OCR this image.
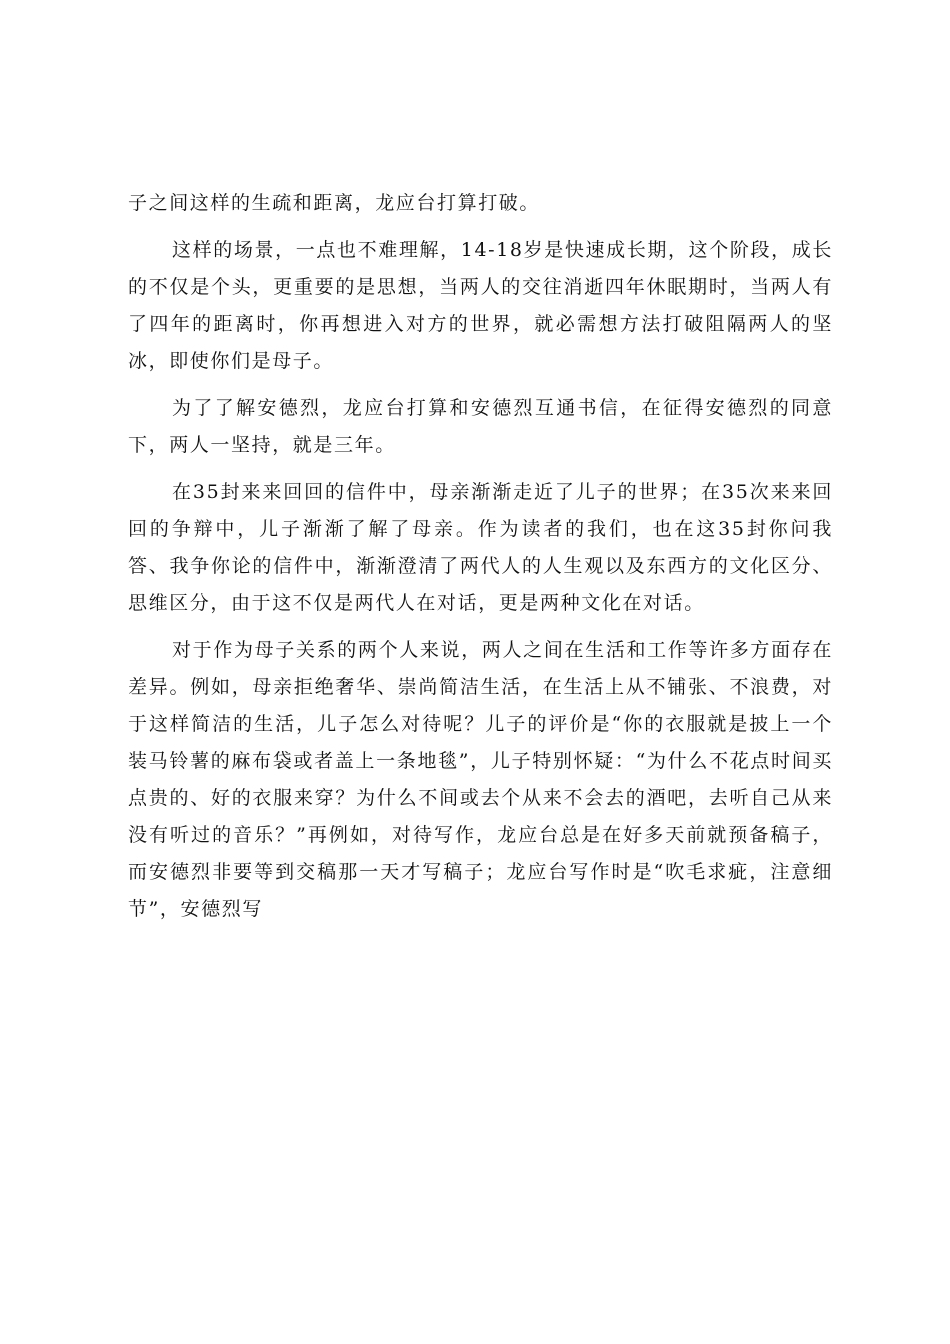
子之间这样的生疏和距离，龙应台打算打破。

这样的场景，一点也不难理解，14-18岁是快速成长期，这个阶段，成长的不仅是个头，更重要的是思想，当两人的交往消逝四年休眠期时，当两人有了四年的距离时，你再想进入对方的世界，就必需想方法打破阻隔两人的坚冰，即使你们是母子。

为了了解安德烈，龙应台打算和安德烈互通书信，在征得安德烈的同意下，两人一坚持，就是三年。

在35封来来回回的信件中，母亲渐渐走近了儿子的世界；在35次来来回回的争辩中，儿子渐渐了解了母亲。作为读者的我们，也在这35封你问我答、我争你论的信件中，渐渐澄清了两代人的人生观以及东西方的文化区分、思维区分，由于这不仅是两代人在对话，更是两种文化在对话。

对于作为母子关系的两个人来说，两人之间在生活和工作等许多方面存在差异。例如，母亲拒绝奢华、崇尚简洁生活，在生活上从不铺张、不浪费，对于这样简洁的生活，儿子怎么对待呢？儿子的评价是“你的衣服就是披上一个装马铃薯的麻布袋或者盖上一条地毯”，儿子特别怀疑：“为什么不花点时间买点贵的、好的衣服来穿？为什么不间或去个从来不会去的酒吧，去听自己从来没有听过的音乐？”再例如，对待写作，龙应台总是在好多天前就预备稿子，而安德烈非要等到交稿那一天才写稿子；龙应台写作时是“吹毛求疵，注意细节”，安德烈写
